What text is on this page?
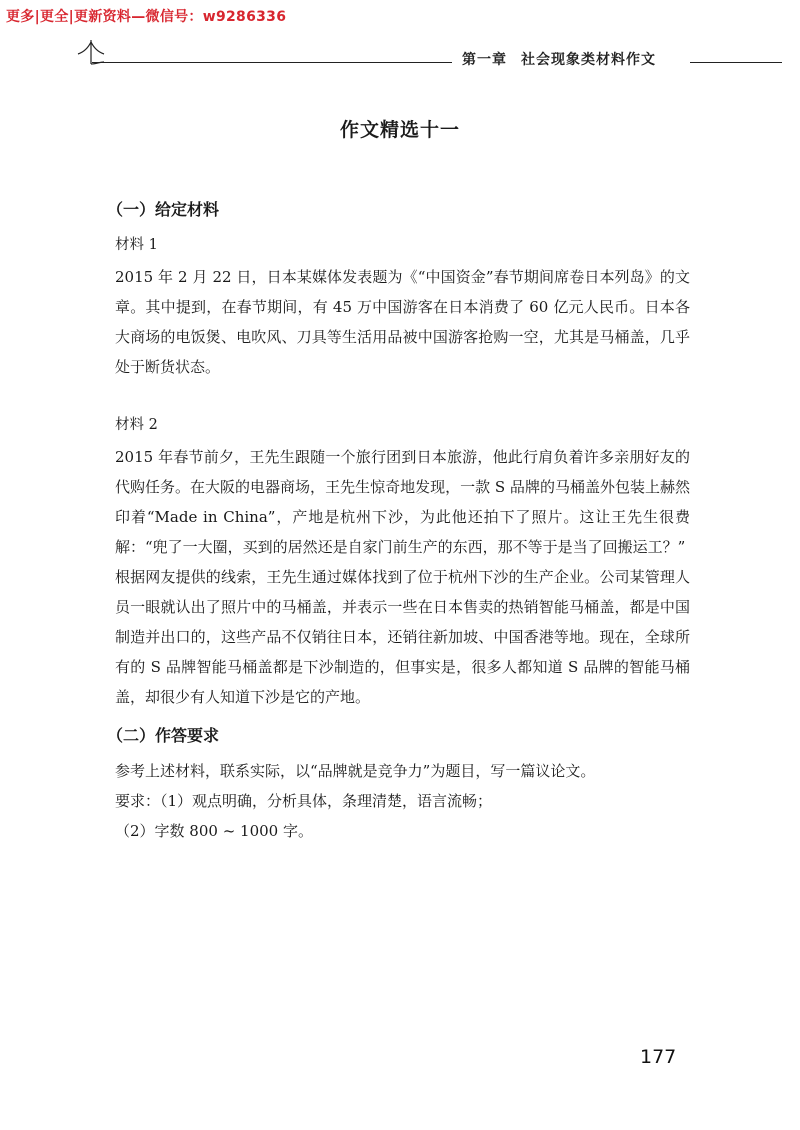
更多|更全|更新资料—微信号：w9286336
第一章 社会现象类材料作文
作文精选十一
（一）给定材料
材料 1

2015 年 2 月 22 日，日本某媒体发表题为《“中国资金”春节期间席卷日本列岛》的文章。其中提到，在春节期间，有 45 万中国游客在日本消费了 60 亿元人民币。日本各大商场的电饭煲、电吹风、刀具等生活用品被中国游客抢购一空，尤其是马桶盖，几乎处于断货状态。

材料 2

2015 年春节前夕，王先生跟随一个旅行团到日本旅游，他此行肩负着许多亲朋好友的代购任务。在大阪的电器商场，王先生惊奇地发现，一款 S 品牌的马桶盖外包装上赫然印着“Made in China”，产地是杭州下沙，为此他还拍下了照片。这让王先生很费解：“兜了一大圈，买到的居然还是自家门前生产的东西，那不等于是当了回搬运工？”

根据网友提供的线索，王先生通过媒体找到了位于杭州下沙的生产企业。公司某管理人员一眼就认出了照片中的马桶盖，并表示一些在日本售卖的热销智能马桶盖，都是中国制造并出口的，这些产品不仅销往日本，还销往新加坡、中国香港等地。现在，全球所有的 S 品牌智能马桶盖都是下沙制造的，但事实是，很多人都知道 S 品牌的智能马桶盖，却很少有人知道下沙是它的产地。

（二）作答要求

参考上述材料，联系实际，以“品牌就是竞争力”为题目，写一篇议论文。

要求：（1）观点明确，分析具体，条理清楚，语言流畅；

（2）字数 800 ~ 1000 字。

177
